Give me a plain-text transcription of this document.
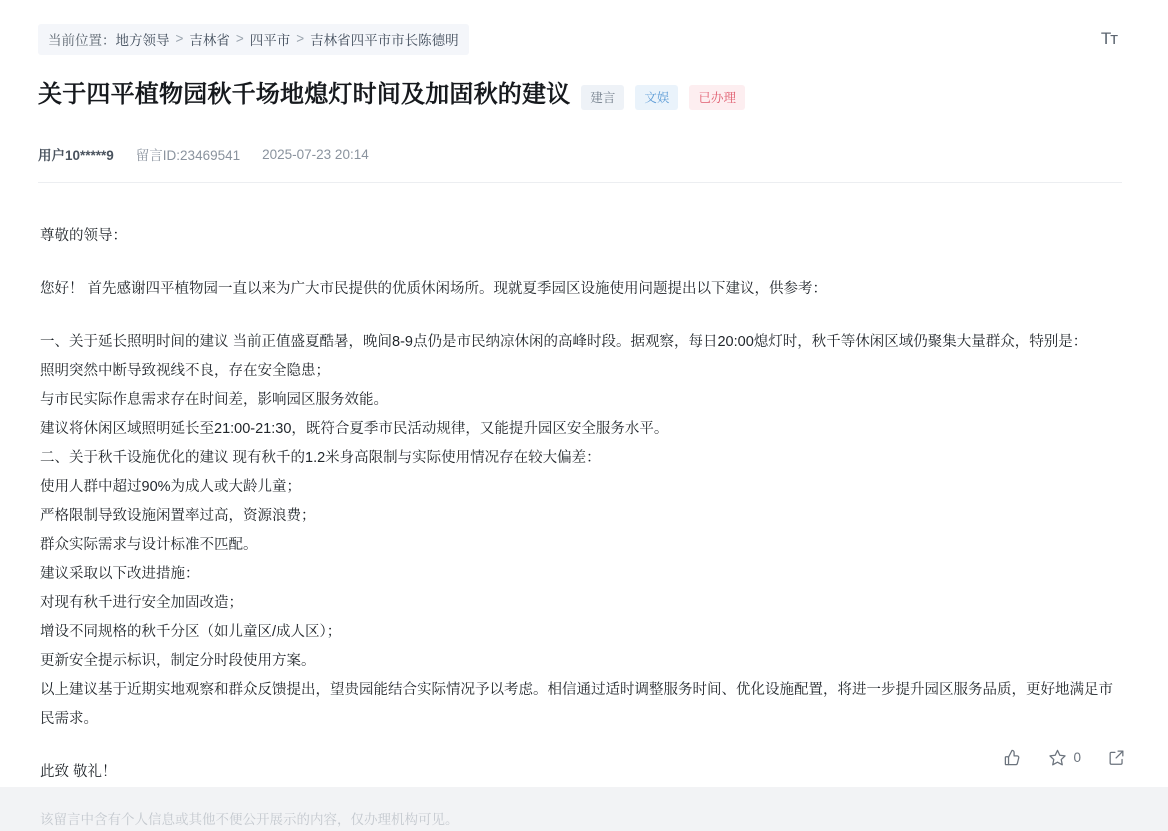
当前位置： 地方领导 > 吉林省 > 四平市 > 吉林省四平市市长陈德明	Tᴛ
关于四平植物园秋千场地熄灯时间及加固秋的建议	建言	文娱	已办理
用户10*****9 留言ID:23469541 2025-07-23 20:14

尊敬的领导：

您好！ 首先感谢四平植物园一直以来为广大市民提供的优质休闲场所。现就夏季园区设施使用问题提出以下建议，供参考：

一、关于延长照明时间的建议 当前正值盛夏酷暑，晚间8-9点仍是市民纳凉休闲的高峰时段。据观察，每日20:00熄灯时，秋千等休闲区域仍聚集大量群众，特别是：

照明突然中断导致视线不良，存在安全隐患；

与市民实际作息需求存在时间差，影响园区服务效能。

建议将休闲区域照明延长至21:00-21:30，既符合夏季市民活动规律，又能提升园区安全服务水平。

二、关于秋千设施优化的建议 现有秋千的1.2米身高限制与实际使用情况存在较大偏差：

使用人群中超过90%为成人或大龄儿童；

严格限制导致设施闲置率过高，资源浪费；

群众实际需求与设计标准不匹配。

建议采取以下改进措施：

对现有秋千进行安全加固改造；

增设不同规格的秋千分区（如儿童区/成人区）；

更新安全提示标识，制定分时段使用方案。

以上建议基于近期实地观察和群众反馈提出，望贵园能结合实际情况予以考虑。相信通过适时调整服务时间、优化设施配置，将进一步提升园区服务品质，更好地满足市民需求。

此致 敬礼！

该留言中含有个人信息或其他不便公开展示的内容，仅办理机构可见。

0
